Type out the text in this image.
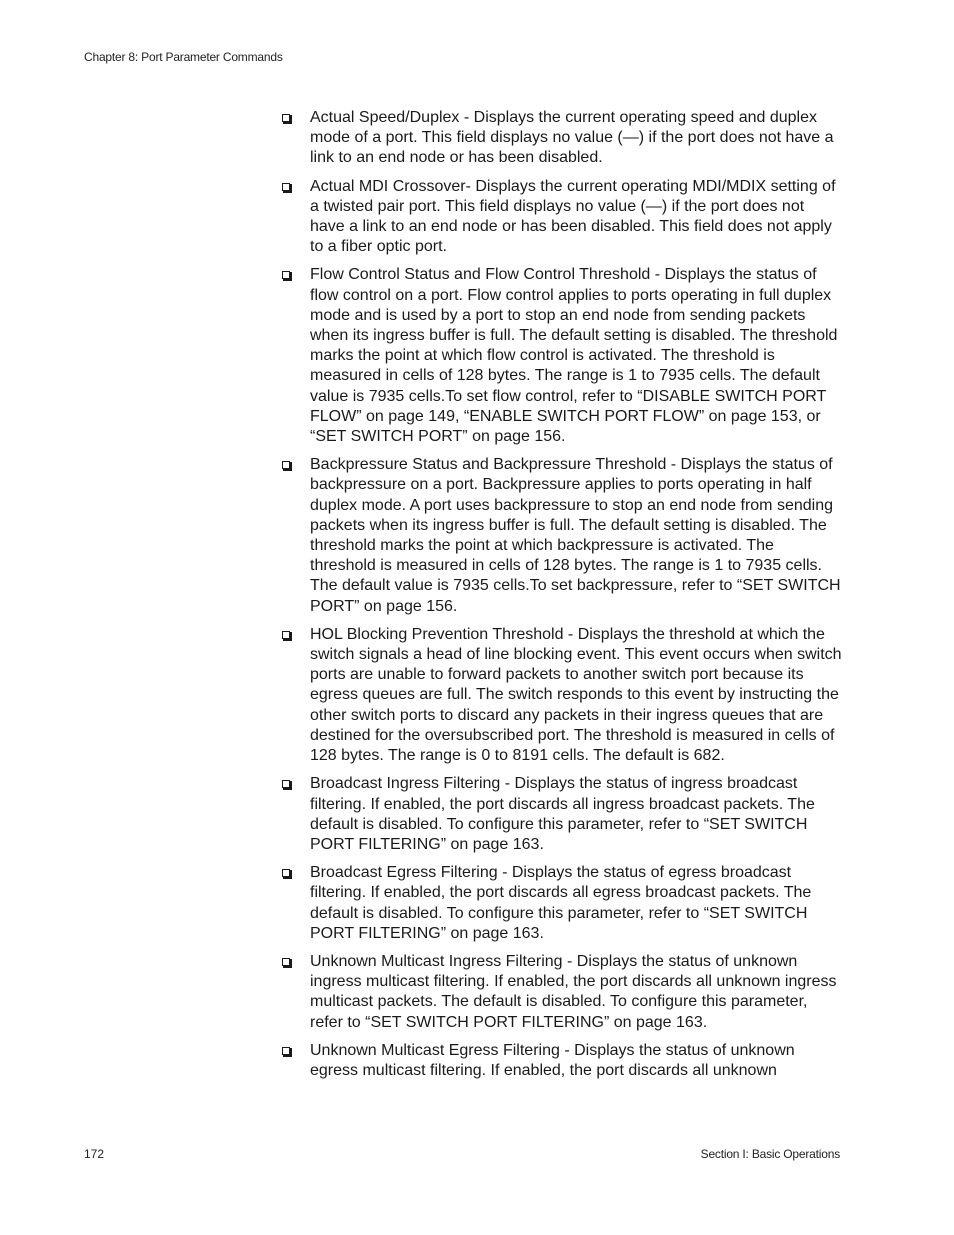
Chapter 8: Port Parameter Commands
Actual Speed/Duplex - Displays the current operating speed and duplex mode of a port. This field displays no value (—) if the port does not have a link to an end node or has been disabled.
Actual MDI Crossover- Displays the current operating MDI/MDIX setting of a twisted pair port. This field displays no value (—) if the port does not have a link to an end node or has been disabled. This field does not apply to a fiber optic port.
Flow Control Status and Flow Control Threshold - Displays the status of flow control on a port. Flow control applies to ports operating in full duplex mode and is used by a port to stop an end node from sending packets when its ingress buffer is full. The default setting is disabled. The threshold marks the point at which flow control is activated. The threshold is measured in cells of 128 bytes. The range is 1 to 7935 cells. The default value is 7935 cells.To set flow control, refer to “DISABLE SWITCH PORT FLOW” on page 149, “ENABLE SWITCH PORT FLOW” on page 153, or “SET SWITCH PORT” on page 156.
Backpressure Status and Backpressure Threshold - Displays the status of backpressure on a port. Backpressure applies to ports operating in half duplex mode. A port uses backpressure to stop an end node from sending packets when its ingress buffer is full. The default setting is disabled. The threshold marks the point at which backpressure is activated. The threshold is measured in cells of 128 bytes. The range is 1 to 7935 cells. The default value is 7935 cells.To set backpressure, refer to “SET SWITCH PORT” on page 156.
HOL Blocking Prevention Threshold - Displays the threshold at which the switch signals a head of line blocking event. This event occurs when switch ports are unable to forward packets to another switch port because its egress queues are full. The switch responds to this event by instructing the other switch ports to discard any packets in their ingress queues that are destined for the oversubscribed port. The threshold is measured in cells of 128 bytes. The range is 0 to 8191 cells. The default is 682.
Broadcast Ingress Filtering - Displays the status of ingress broadcast filtering. If enabled, the port discards all ingress broadcast packets. The default is disabled. To configure this parameter, refer to “SET SWITCH PORT FILTERING” on page 163.
Broadcast Egress Filtering - Displays the status of egress broadcast filtering. If enabled, the port discards all egress broadcast packets. The default is disabled. To configure this parameter, refer to “SET SWITCH PORT FILTERING” on page 163.
Unknown Multicast Ingress Filtering - Displays the status of unknown ingress multicast filtering. If enabled, the port discards all unknown ingress multicast packets. The default is disabled. To configure this parameter, refer to “SET SWITCH PORT FILTERING” on page 163.
Unknown Multicast Egress Filtering - Displays the status of unknown egress multicast filtering. If enabled, the port discards all unknown
172	Section I: Basic Operations
